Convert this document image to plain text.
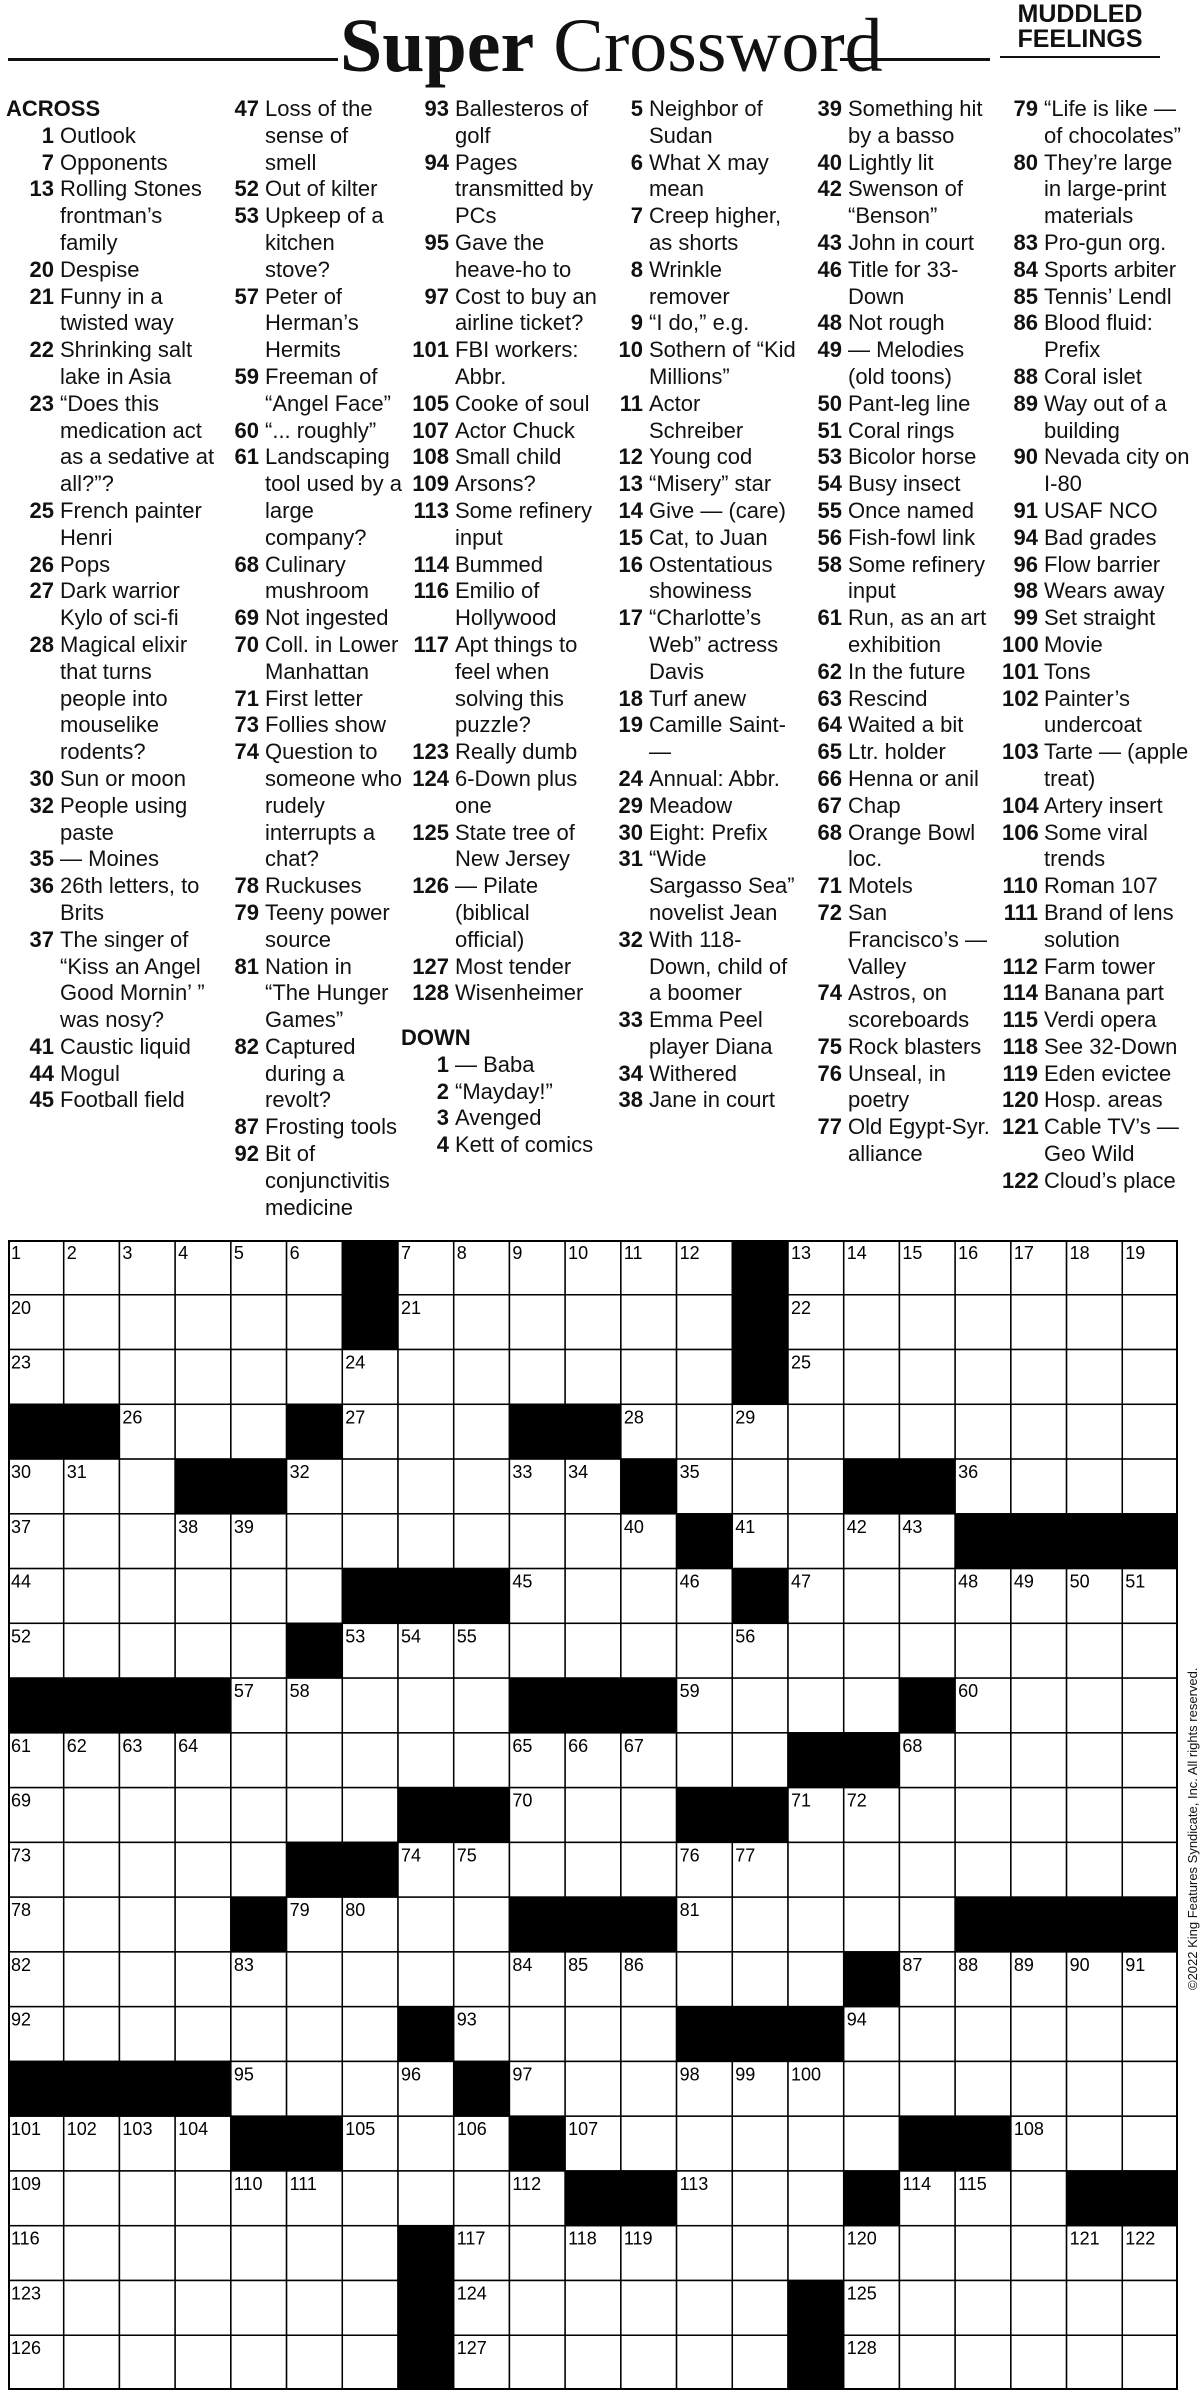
Super Crossword	MUDDLED
FEELINGS
ACROSS
1 Outlook
7 Opponents
13 Rolling Stones frontman’s family
20 Despise
21 Funny in a twisted way
22 Shrinking salt lake in Asia
23 “Does this medication act as a sedative at all?”?
25 French painter Henri
26 Pops
27 Dark warrior Kylo of sci-fi
28 Magical elixir that turns people into mouselike rodents?
30 Sun or moon
32 People using paste
35 — Moines
36 26th letters, to Brits
37 The singer of “Kiss an Angel Good Mornin’ ” was nosy?
41 Caustic liquid
44 Mogul
45 Football field
47 Loss of the sense of smell
52 Out of kilter
53 Upkeep of a kitchen stove?
57 Peter of Herman’s Hermits
59 Freeman of “Angel Face”
60 “... roughly”
61 Landscaping tool used by a large company?
68 Culinary mushroom
69 Not ingested
70 Coll. in Lower Manhattan
71 First letter
73 Follies show
74 Question to someone who rudely interrupts a chat?
78 Ruckuses
79 Teeny power source
81 Nation in “The Hunger Games”
82 Captured during a revolt?
87 Frosting tools
92 Bit of conjunctivitis medicine
93 Ballesteros of golf
94 Pages transmitted by PCs
95 Gave the heave-ho to
97 Cost to buy an airline ticket?
101 FBI workers: Abbr.
105 Cooke of soul
107 Actor Chuck
108 Small child
109 Arsons?
113 Some refinery input
114 Bummed
116 Emilio of Hollywood
117 Apt things to feel when solving this puzzle?
123 Really dumb
124 6-Down plus one
125 State tree of New Jersey
126 — Pilate (biblical official)
127 Most tender
128 Wisenheimer
DOWN
1 — Baba
2 “Mayday!”
3 Avenged
4 Kett of comics
5 Neighbor of Sudan
6 What X may mean
7 Creep higher, as shorts
8 Wrinkle remover
9 “I do,” e.g.
10 Sothern of “Kid Millions”
11 Actor Schreiber
12 Young cod
13 “Misery” star
14 Give — (care)
15 Cat, to Juan
16 Ostentatious showiness
17 “Charlotte’s Web” actress Davis
18 Turf anew
19 Camille Saint- —
24 Annual: Abbr.
29 Meadow
30 Eight: Prefix
31 “Wide Sargasso Sea” novelist Jean
32 With 118-Down, child of a boomer
33 Emma Peel player Diana
34 Withered
38 Jane in court
39 Something hit by a basso
40 Lightly lit
42 Swenson of “Benson”
43 John in court
46 Title for 33-Down
48 Not rough
49 — Melodies (old toons)
50 Pant-leg line
51 Coral rings
53 Bicolor horse
54 Busy insect
55 Once named
56 Fish-fowl link
58 Some refinery input
61 Run, as an art exhibition
62 In the future
63 Rescind
64 Waited a bit
65 Ltr. holder
66 Henna or anil
67 Chap
68 Orange Bowl loc.
71 Motels
72 San Francisco’s — Valley
74 Astros, on scoreboards
75 Rock blasters
76 Unseal, in poetry
77 Old Egypt-Syr. alliance
79 “Life is like — of chocolates”
80 They’re large in large-print materials
83 Pro-gun org.
84 Sports arbiter
85 Tennis’ Lendl
86 Blood fluid: Prefix
88 Coral islet
89 Way out of a building
90 Nevada city on I-80
91 USAF NCO
94 Bad grades
96 Flow barrier
98 Wears away
99 Set straight
100 Movie
101 Tons
102 Painter’s undercoat
103 Tarte — (apple treat)
104 Artery insert
106 Some viral trends
110 Roman 107
111 Brand of lens solution
112 Farm tower
114 Banana part
115 Verdi opera
118 See 32-Down
119 Eden evictee
120 Hosp. areas
121 Cable TV’s — Geo Wild
122 Cloud’s place
1	2	3	4	5	6	7	8	9	10 11 12	13 14 15 16 17 18 19
20	21	22
23	24	25
26	27	28	29
30 31	32	33 34	35	36
37	38 39	40	41	42 43
44	45	46	47	48 49 50 51
52	53 54 55	56
57 58	59	60
61 62 63 64	65 66 67	68
69	70	71 72
73	74 75	76 77
78	79 80	81
82	83	84 85 86	87 88 89 90 91
92	93	94
95	96	97	98 99 100
101 102 103 104	105	106	107	108
109	110 111	112	113	114 115
116	117	118 119	120	121 122
123	124	125
126	127	128
©2022 King Features Syndicate, Inc. All rights reserved.
